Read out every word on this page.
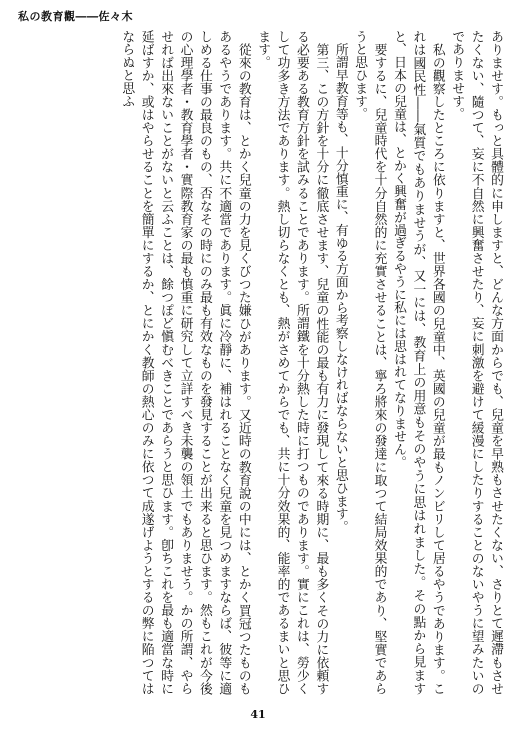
私の教育觀――佐々木

ありませす。もっと具體的に申しますと、どんな方面からでも、兒童を早熟もさせたくない、さりとて遲滯もさせたくない、隨つて、妄に不自然に興奮させたり、妄に刺激を避けて緩漫にしたりすることのないやうに望みたいのでありませす。

私の觀察したところに依りますと、世界各國の兒童中、英國の兒童が最もノンビリして居るやうであります。これは國民性――氣質でもありませうが、又一には、教育上の用意もそのやうに思はれました。その點から見ますと、日本の兒童は、とかく興奮が過ぎるやうに私には思はれてなりません。

要するに、兒童時代を十分自然的に充實させることは、寧ろ將來の發達に取つて結局效果的であり、堅實であらうと思ひます。

所謂早教育等も、十分慎重に、有ゆる方面から考察しなければならないと思ひます。

第三、この方針を十分に徹底させます、兒童の性能の最も有力に發現して來る時期に、最も多くその力に依頼する必要ある教育方針を試みることであります。所謂鐵を十分熱した時に打つものであります。實にこれは、勞少くして功多き方法であります。熱し切らなくとも、熱がさめてからでも、共に十分效果的、能率的であるまいと思ひます。

從來の教育は、とかく兒童の力を見くびつた嫌ひがあります。又近時の教育說の中には、とかく買冠つたものもあるやうであります。共に不適當であります。眞に冷靜に、補はれることなく兒童を見つめますならば、彼等に適しめる仕事の最良のもの、否なその時にのみ最も有效なものを發見することが出来ると思ひます。然もこれが今後の心理學者・教育學者・實際教育家の最も慎重に研究して立詳すべき未襲の領土でもありませう。かの所謂、やらせれば出來ないことがないと云ふことは、餘つぽど愼むべきことであらうと思ひます。卽ちこれを最も適當な時に延ばすか、或はやらせることを簡單にするか、とにかく教師の熱心のみに依つて成遂げようとするの弊に陥つてはならぬと思ふ

41
